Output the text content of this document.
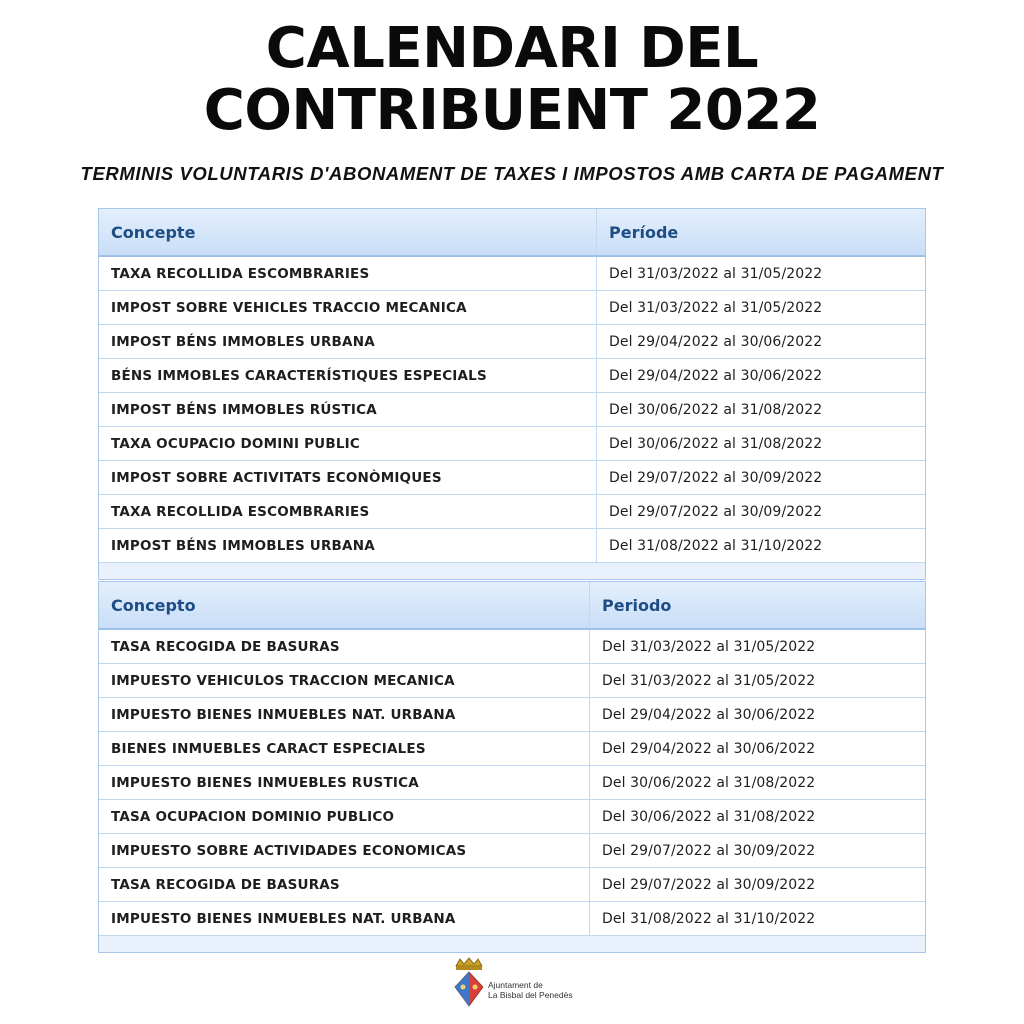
CALENDARI DEL
CONTRIBUENT 2022
TERMINIS VOLUNTARIS D'ABONAMENT DE TAXES I IMPOSTOS AMB CARTA DE PAGAMENT
Concepte	Període
TAXA RECOLLIDA ESCOMBRARIES	Del 31/03/2022 al 31/05/2022
IMPOST SOBRE VEHICLES TRACCIO MECANICA	Del 31/03/2022 al 31/05/2022
IMPOST BÉNS IMMOBLES URBANA	Del 29/04/2022 al 30/06/2022
BÉNS IMMOBLES CARACTERÍSTIQUES ESPECIALS	Del 29/04/2022 al 30/06/2022
IMPOST BÉNS IMMOBLES RÚSTICA	Del 30/06/2022 al 31/08/2022
TAXA OCUPACIO DOMINI PUBLIC	Del 30/06/2022 al 31/08/2022
IMPOST SOBRE ACTIVITATS ECONÒMIQUES	Del 29/07/2022 al 30/09/2022
TAXA RECOLLIDA ESCOMBRARIES	Del 29/07/2022 al 30/09/2022
IMPOST BÉNS IMMOBLES URBANA	Del 31/08/2022 al 31/10/2022
Concepto	Periodo
TASA RECOGIDA DE BASURAS	Del 31/03/2022 al 31/05/2022
IMPUESTO VEHICULOS TRACCION MECANICA	Del 31/03/2022 al 31/05/2022
IMPUESTO BIENES INMUEBLES NAT. URBANA	Del 29/04/2022 al 30/06/2022
BIENES INMUEBLES CARACT ESPECIALES	Del 29/04/2022 al 30/06/2022
IMPUESTO BIENES INMUEBLES RUSTICA	Del 30/06/2022 al 31/08/2022
TASA OCUPACION DOMINIO PUBLICO	Del 30/06/2022 al 31/08/2022
IMPUESTO SOBRE ACTIVIDADES ECONOMICAS	Del 29/07/2022 al 30/09/2022
TASA RECOGIDA DE BASURAS	Del 29/07/2022 al 30/09/2022
IMPUESTO BIENES INMUEBLES NAT. URBANA	Del 31/08/2022 al 31/10/2022
Ajuntament de
La Bisbal del Penedès
